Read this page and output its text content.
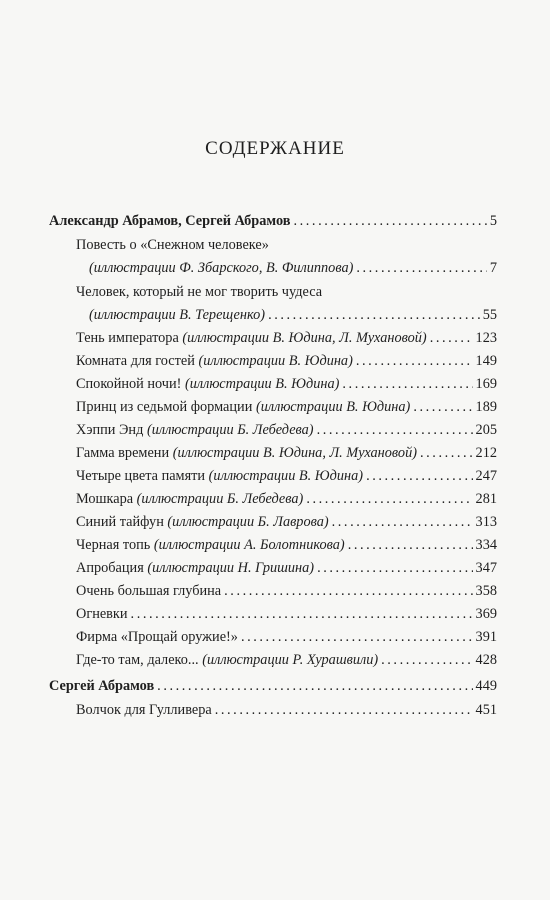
СОДЕРЖАНИЕ
Александр Абрамов, Сергей Абрамов . . .	5
Повесть о «Снежном человеке»
(иллюстрации Ф. Збарского, В. Филиппова) . . .	7
Человек, который не мог творить чудеса
(иллюстрации В. Терещенко) . . .	55
Тень императора (иллюстрации В. Юдина, Л. Мухановой) . . .	123
Комната для гостей (иллюстрации В. Юдина) . . .	149
Спокойной ночи! (иллюстрации В. Юдина) . . .	169
Принц из седьмой формации (иллюстрации В. Юдина) . . .	189
Хэппи Энд (иллюстрации Б. Лебедева) . . .	205
Гамма времени (иллюстрации В. Юдина, Л. Мухановой) . . .	212
Четыре цвета памяти (иллюстрации В. Юдина) . . .	247
Мошкара (иллюстрации Б. Лебедева) . . .	281
Синий тайфун (иллюстрации Б. Лаврова) . . .	313
Черная топь (иллюстрации А. Болотникова) . . .	334
Апробация (иллюстрации Н. Гришина) . . .	347
Очень большая глубина . . .	358
Огневки . . .	369
Фирма «Прощай оружие!» . . .	391
Где-то там, далеко... (иллюстрации Р. Хурашвили) . . .	428
Сергей Абрамов . . .	449
Волчок для Гулливера . . .	451
